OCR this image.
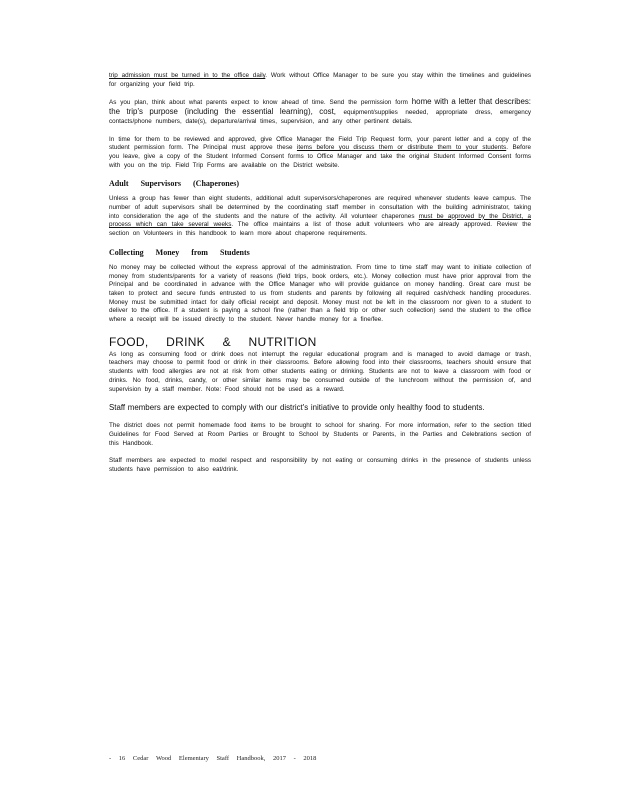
trip admission must be turned in to the office daily. Work without Office Manager to be sure you stay within the timelines and guidelines for organizing your field trip.

As you plan, think about what parents expect to know ahead of time. Send the permission form home with a letter that describes: the trip's purpose (including the essential learning), cost, equipment/supplies needed, appropriate dress, emergency contacts/phone numbers, date(s), departure/arrival times, supervision, and any other pertinent details.

In time for them to be reviewed and approved, give Office Manager the Field Trip Request form, your parent letter and a copy of the student permission form. The Principal must approve these items before you discuss them or distribute them to your students. Before you leave, give a copy of the Student Informed Consent forms to Office Manager and take the original Student Informed Consent forms with you on the trip. Field Trip Forms are available on the District website.

Adult Supervisors (Chaperones)

Unless a group has fewer than eight students, additional adult supervisors/chaperones are required whenever students leave campus. The number of adult supervisors shall be determined by the coordinating staff member in consultation with the building administrator, taking into consideration the age of the students and the nature of the activity. All volunteer chaperones must be approved by the District, a process which can take several weeks. The office maintains a list of those adult volunteers who are already approved. Review the section on Volunteers in this handbook to learn more about chaperone requirements.

Collecting Money from Students

No money may be collected without the express approval of the administration. From time to time staff may want to initiate collection of money from students/parents for a variety of reasons (field trips, book orders, etc.). Money collection must have prior approval from the Principal and be coordinated in advance with the Office Manager who will provide guidance on money handling. Great care must be taken to protect and secure funds entrusted to us from students and parents by following all required cash/check handling procedures. Money must be submitted intact for daily official receipt and deposit. Money must not be left in the classroom nor given to a student to deliver to the office. If a student is paying a school fine (rather than a field trip or other such collection) send the student to the office where a receipt will be issued directly to the student. Never handle money for a fine/fee.

FOOD, DRINK & NUTRITION

As long as consuming food or drink does not interrupt the regular educational program and is managed to avoid damage or trash, teachers may choose to permit food or drink in their classrooms. Before allowing food into their classrooms, teachers should ensure that students with food allergies are not at risk from other students eating or drinking. Students are not to leave a classroom with food or drinks. No food, drinks, candy, or other similar items may be consumed outside of the lunchroom without the permission of, and supervision by a staff member. Note: Food should not be used as a reward.

Staff members are expected to comply with our district's initiative to provide only healthy food to students.

The district does not permit homemade food items to be brought to school for sharing. For more information, refer to the section titled Guidelines for Food Served at Room Parties or Brought to School by Students or Parents, in the Parties and Celebrations section of this Handbook.

Staff members are expected to model respect and responsibility by not eating or consuming drinks in the presence of students unless students have permission to also eat/drink.

- 16 Cedar Wood Elementary Staff Handbook, 2017 - 2018
